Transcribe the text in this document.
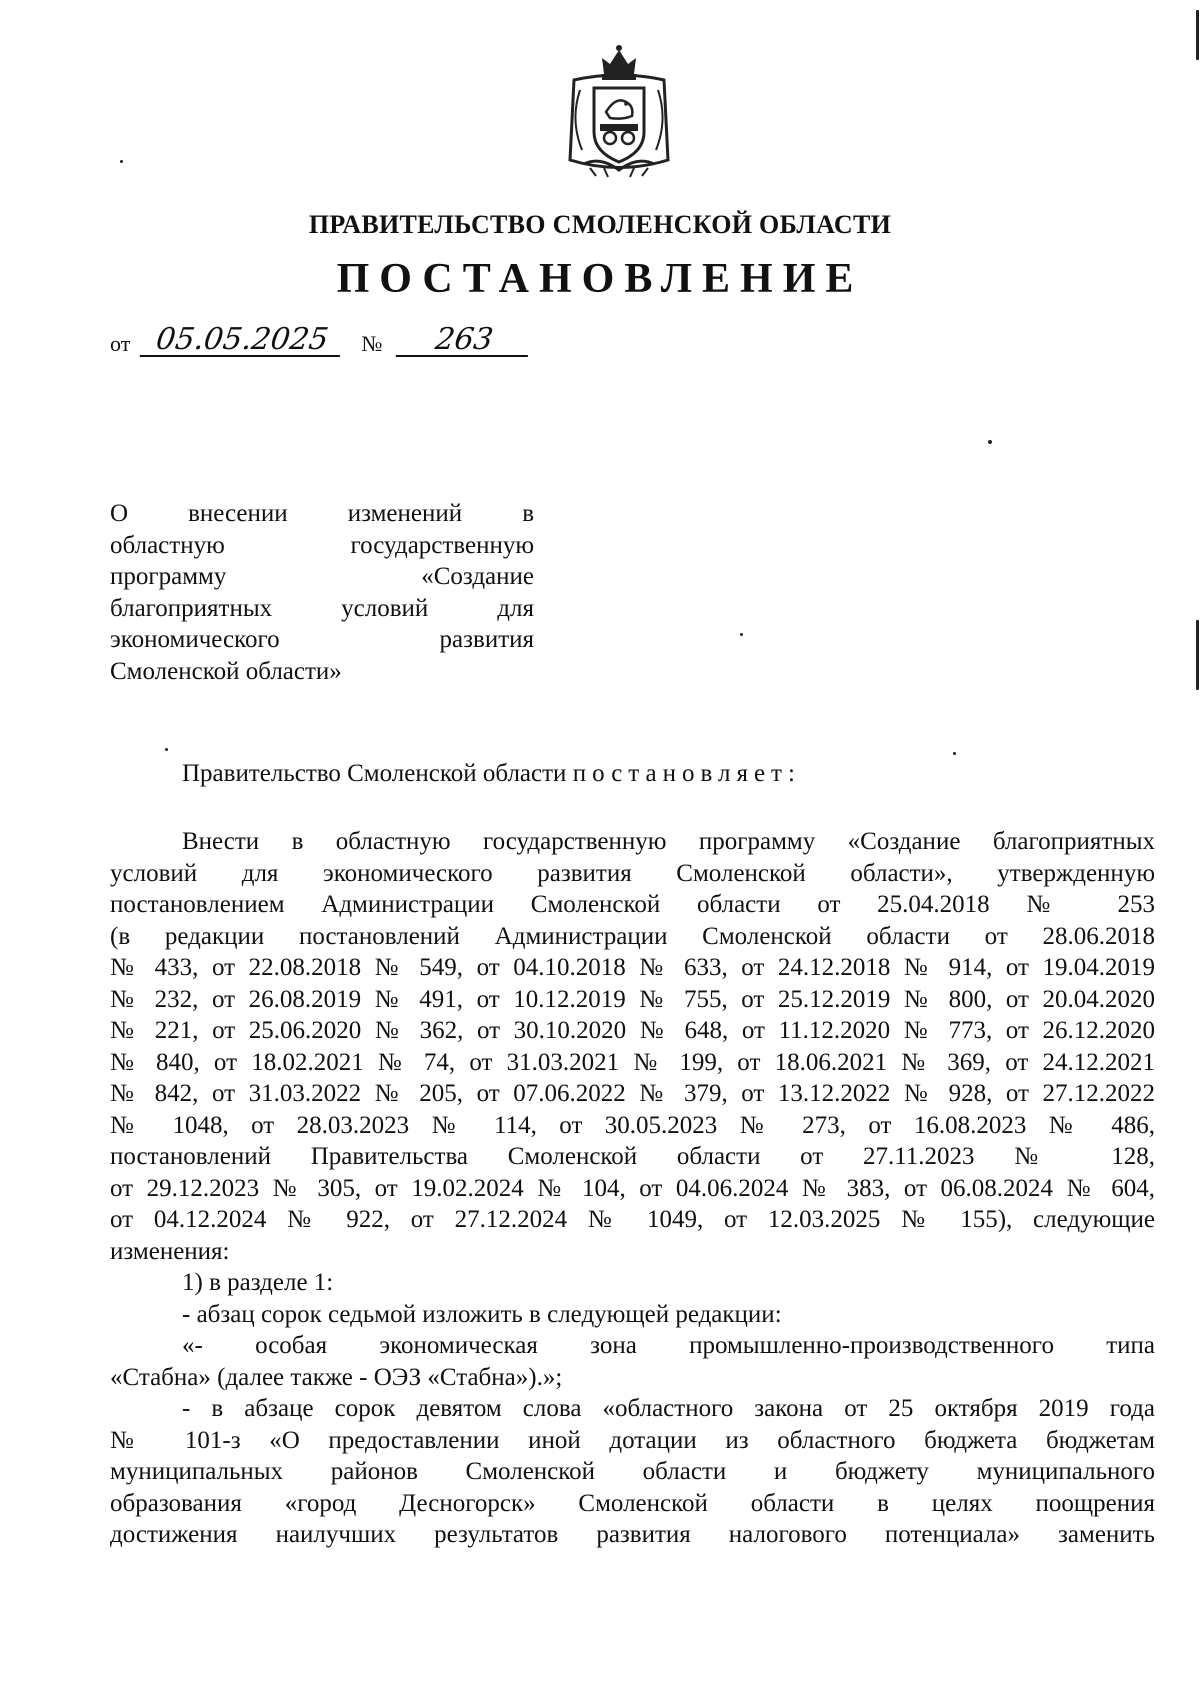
ПРАВИТЕЛЬСТВО СМОЛЕНСКОЙ ОБЛАСТИ
ПОСТАНОВЛЕНИЕ
от 05.05.2025 № 263
О внесении изменений в
областную государственную
программу «Создание
благоприятных условий для
экономического развития
Смоленской области»
Правительство Смоленской области постановляет:
Внести в областную государственную программу «Создание благоприятных
условий для экономического развития Смоленской области», утвержденную
постановлением Администрации Смоленской области от 25.04.2018 № 253
(в редакции постановлений Администрации Смоленской области от 28.06.2018
№ 433, от 22.08.2018 № 549, от 04.10.2018 № 633, от 24.12.2018 № 914, от 19.04.2019
№ 232, от 26.08.2019 № 491, от 10.12.2019 № 755, от 25.12.2019 № 800, от 20.04.2020
№ 221, от 25.06.2020 № 362, от 30.10.2020 № 648, от 11.12.2020 № 773, от 26.12.2020
№ 840, от 18.02.2021 № 74, от 31.03.2021 № 199, от 18.06.2021 № 369, от 24.12.2021
№ 842, от 31.03.2022 № 205, от 07.06.2022 № 379, от 13.12.2022 № 928, от 27.12.2022
№ 1048, от 28.03.2023 № 114, от 30.05.2023 № 273, от 16.08.2023 № 486,
постановлений Правительства Смоленской области от 27.11.2023 № 128,
от 29.12.2023 № 305, от 19.02.2024 № 104, от 04.06.2024 № 383, от 06.08.2024 № 604,
от 04.12.2024 № 922, от 27.12.2024 № 1049, от 12.03.2025 № 155), следующие
изменения:
1) в разделе 1:
- абзац сорок седьмой изложить в следующей редакции:
«- особая экономическая зона промышленно-производственного типа
«Стабна» (далее также - ОЭЗ «Стабна»).»;
- в абзаце сорок девятом слова «областного закона от 25 октября 2019 года
№ 101-з «О предоставлении иной дотации из областного бюджета бюджетам
муниципальных районов Смоленской области и бюджету муниципального
образования «город Десногорск» Смоленской области в целях поощрения
достижения наилучших результатов развития налогового потенциала» заменить
